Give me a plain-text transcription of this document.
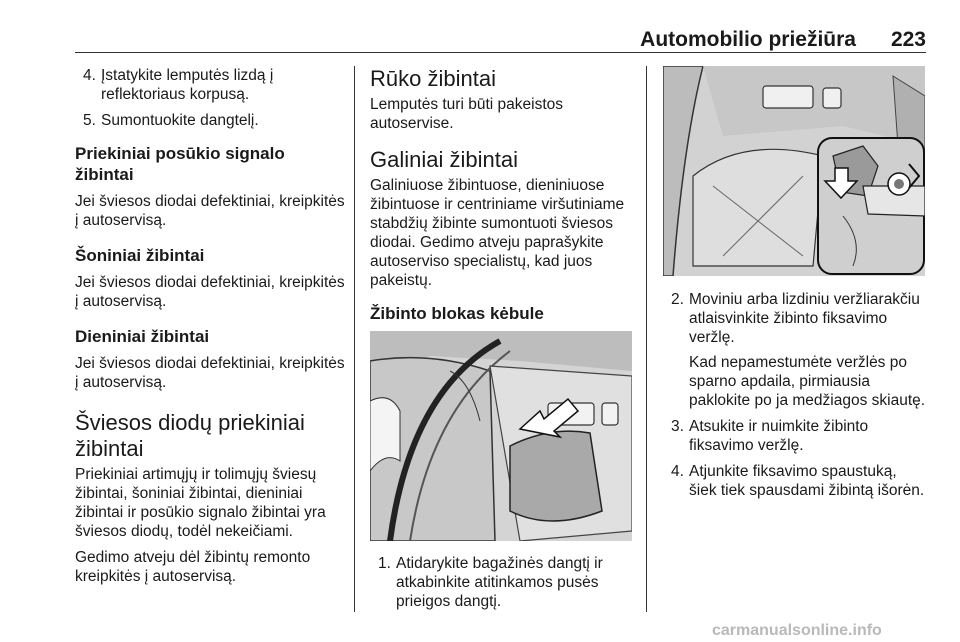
Automobilio priežiūra 223
4. Įstatykite lemputės lizdą į reflektoriaus korpusą.
5. Sumontuokite dangtelį.
Priekiniai posūkio signalo žibintai
Jei šviesos diodai defektiniai, kreipkitės į autoservisą.
Šoniniai žibintai
Jei šviesos diodai defektiniai, kreipkitės į autoservisą.
Dieniniai žibintai
Jei šviesos diodai defektiniai, kreipkitės į autoservisą.
Šviesos diodų priekiniai žibintai
Priekiniai artimųjų ir tolimųjų šviesų žibintai, šoniniai žibintai, dieniniai žibintai ir posūkio signalo žibintai yra šviesos diodų, todėl nekeičiami.
Gedimo atveju dėl žibintų remonto kreipkitės į autoservisą.
Rūko žibintai
Lemputės turi būti pakeistos autoservise.
Galiniai žibintai
Galiniuose žibintuose, dieniniuose žibintuose ir centriniame viršutiniame stabdžių žibinte sumontuoti šviesos diodai. Gedimo atveju paprašykite autoserviso specialistų, kad juos pakeistų.
Žibinto blokas kėbule
1. Atidarykite bagažinės dangtį ir atkabinkite atitinkamos pusės prieigos dangtį.
2. Moviniu arba lizdiniu veržliarakčiu atlaisvinkite žibinto fiksavimo veržlę.
Kad nepamestumėte veržlės po sparno apdaila, pirmiausia paklokite po ja medžiagos skiautę.
3. Atsukite ir nuimkite žibinto fiksavimo veržlę.
4. Atjunkite fiksavimo spaustuką, šiek tiek spausdami žibintą išorėn.
carmanualsonline.info
